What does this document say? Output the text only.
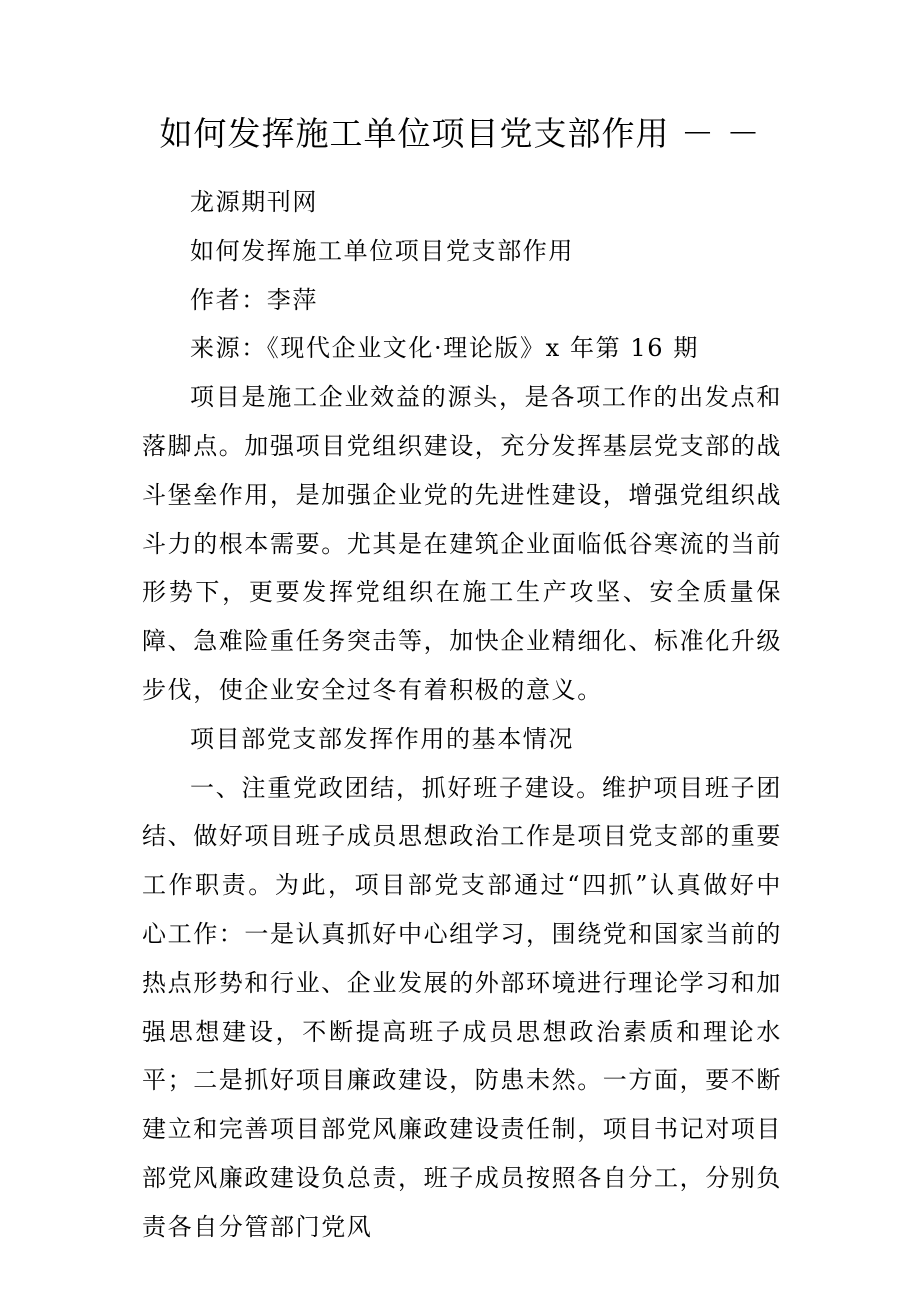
如何发挥施工单位项目党支部作用 － －

龙源期刊网

如何发挥施工单位项目党支部作用

作者：李萍

来源：《现代企业文化·理论版》x 年第 16 期

项目是施工企业效益的源头，是各项工作的出发点和落脚点。加强项目党组织建设，充分发挥基层党支部的战斗堡垒作用，是加强企业党的先进性建设，增强党组织战斗力的根本需要。尤其是在建筑企业面临低谷寒流的当前形势下，更要发挥党组织在施工生产攻坚、安全质量保障、急难险重任务突击等，加快企业精细化、标准化升级步伐，使企业安全过冬有着积极的意义。

项目部党支部发挥作用的基本情况

一、注重党政团结，抓好班子建设。维护项目班子团结、做好项目班子成员思想政治工作是项目党支部的重要工作职责。为此，项目部党支部通过“四抓”认真做好中心工作：一是认真抓好中心组学习，围绕党和国家当前的热点形势和行业、企业发展的外部环境进行理论学习和加强思想建设，不断提高班子成员思想政治素质和理论水平；二是抓好项目廉政建设，防患未然。一方面，要不断建立和完善项目部党风廉政建设责任制，项目书记对项目部党风廉政建设负总责，班子成员按照各自分工，分别负责各自分管部门党风
